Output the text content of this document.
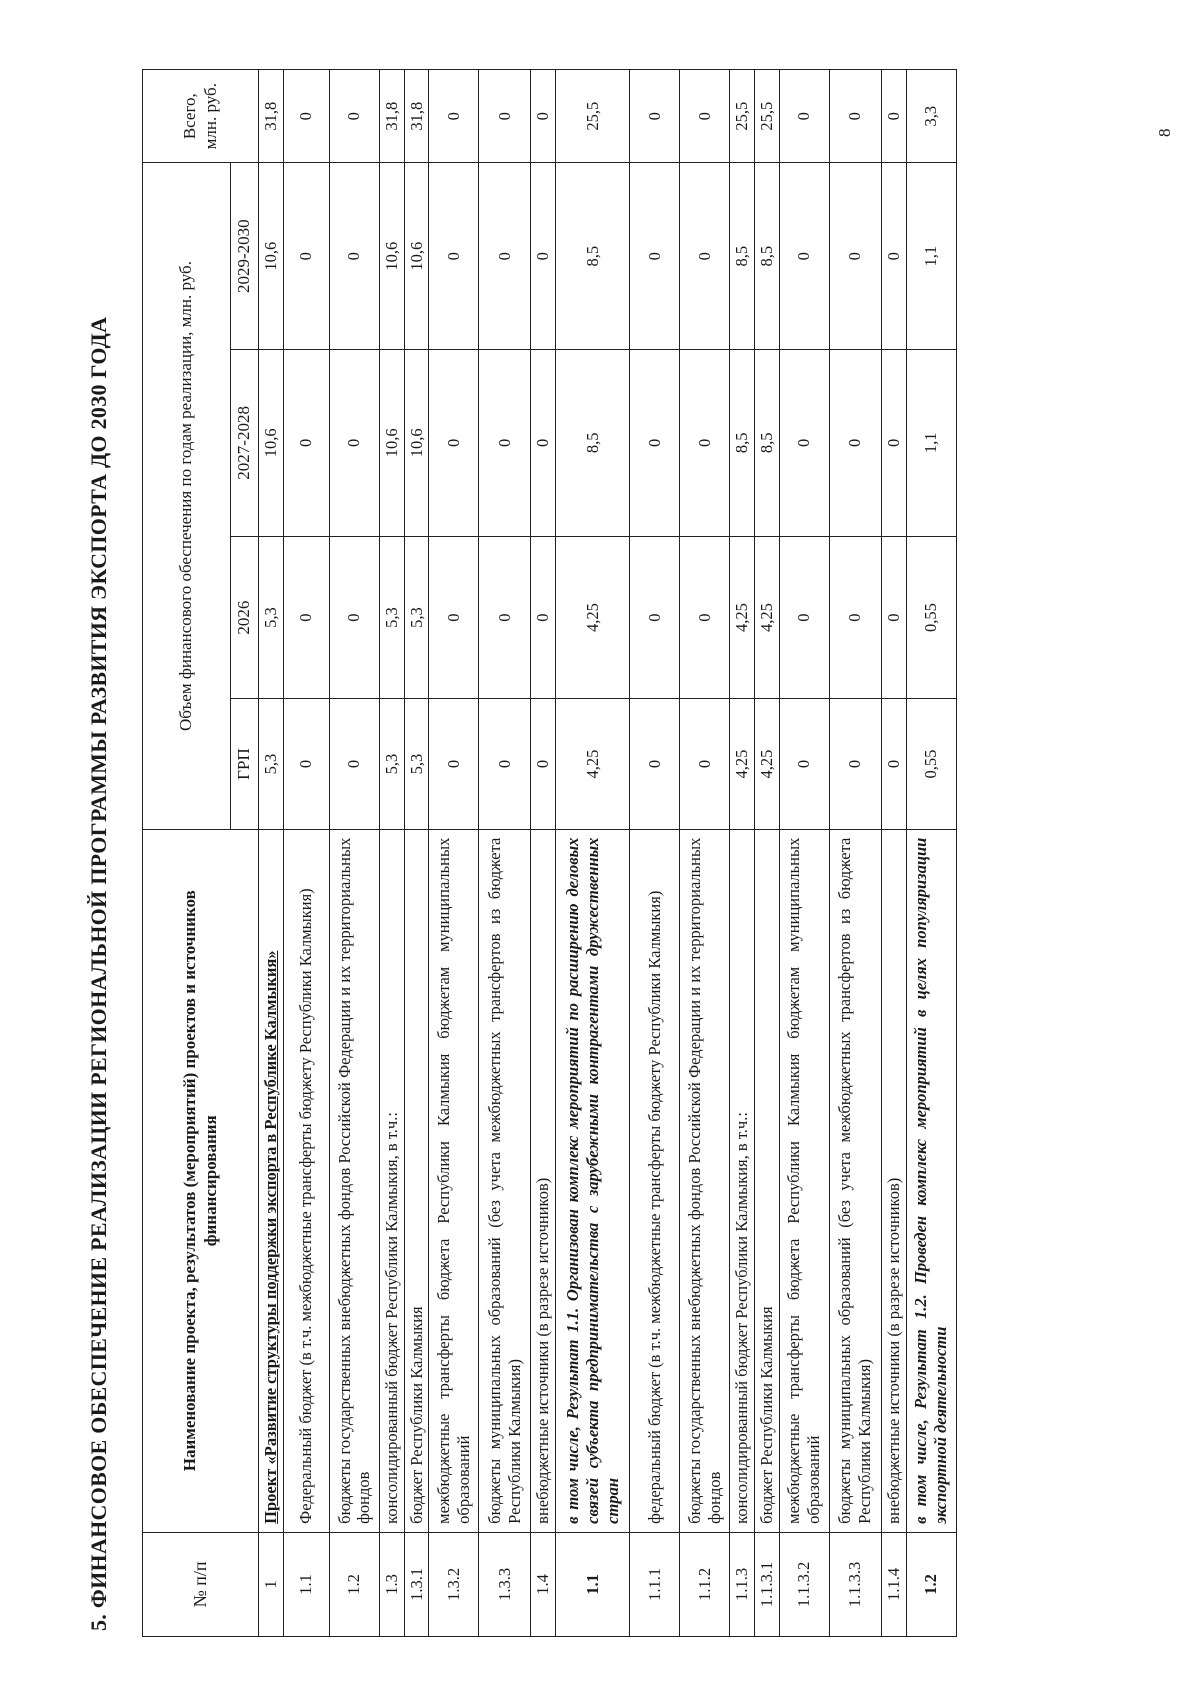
5. ФИНАНСОВОЕ ОБЕСПЕЧЕНИЕ РЕАЛИЗАЦИИ РЕГИОНАЛЬНОЙ ПРОГРАММЫ РАЗВИТИЯ ЭКСПОРТА ДО 2030 ГОДА	№ п/п	Наименование проекта, результатов (мероприятий) проектов и источников финансирования	Объем финансового обеспечения по годам реализации, млн. руб.				Всего, млн. руб.
		ГРП	2026	2027-2028	2029-2030	
1	Проект «Развитие структуры поддержки экспорта в Республике Калмыкия»	5,3	5,3	10,6	10,6	31,8
1.1	Федеральный бюджет (в т.ч. межбюджетные трансферты бюджету Республики Калмыкия)	0	0	0	0	0
1.2	бюджеты государственных внебюджетных фондов Российской Федерации и их территориальных фондов	0	0	0	0	0
1.3	консолидированный бюджет Республики Калмыкия, в т.ч.:	5,3	5,3	10,6	10,6	31,8
1.3.1	бюджет Республики Калмыкия	5,3	5,3	10,6	10,6	31,8
1.3.2	межбюджетные трансферты бюджета Республики Калмыкия бюджетам муниципальных образований	0	0	0	0	0
1.3.3	бюджеты муниципальных образований (без учета межбюджетных трансфертов из бюджета Республики Калмыкия)	0	0	0	0	0
1.4	внебюджетные источники (в разрезе источников)	0	0	0	0	0
1.1	в том числе, Результат 1.1. Организован комплекс мероприятий по расширению деловых связей субъекта предпринимательства с зарубежными контрагентами дружественных стран	4,25	4,25	8,5	8,5	25,5
1.1.1	федеральный бюджет (в т.ч. межбюджетные трансферты бюджету Республики Калмыкия)	0	0	0	0	0
1.1.2	бюджеты государственных внебюджетных фондов Российской Федерации и их территориальных фондов	0	0	0	0	0
1.1.3	консолидированный бюджет Республики Калмыкия, в т.ч.:	4,25	4,25	8,5	8,5	25,5
1.1.3.1	бюджет Республики Калмыкия	4,25	4,25	8,5	8,5	25,5
1.1.3.2	межбюджетные трансферты бюджета Республики Калмыкия бюджетам муниципальных образований	0	0	0	0	0
1.1.3.3	бюджеты муниципальных образований (без учета межбюджетных трансфертов из бюджета Республики Калмыкия)	0	0	0	0	0
1.1.4	внебюджетные источники (в разрезе источников)	0	0	0	0	0
1.2	в том числе, Результат 1.2. Проведен комплекс мероприятий в целях популяризации экспортной деятельности	0,55	0,55	1,1	1,1	3,3
8
